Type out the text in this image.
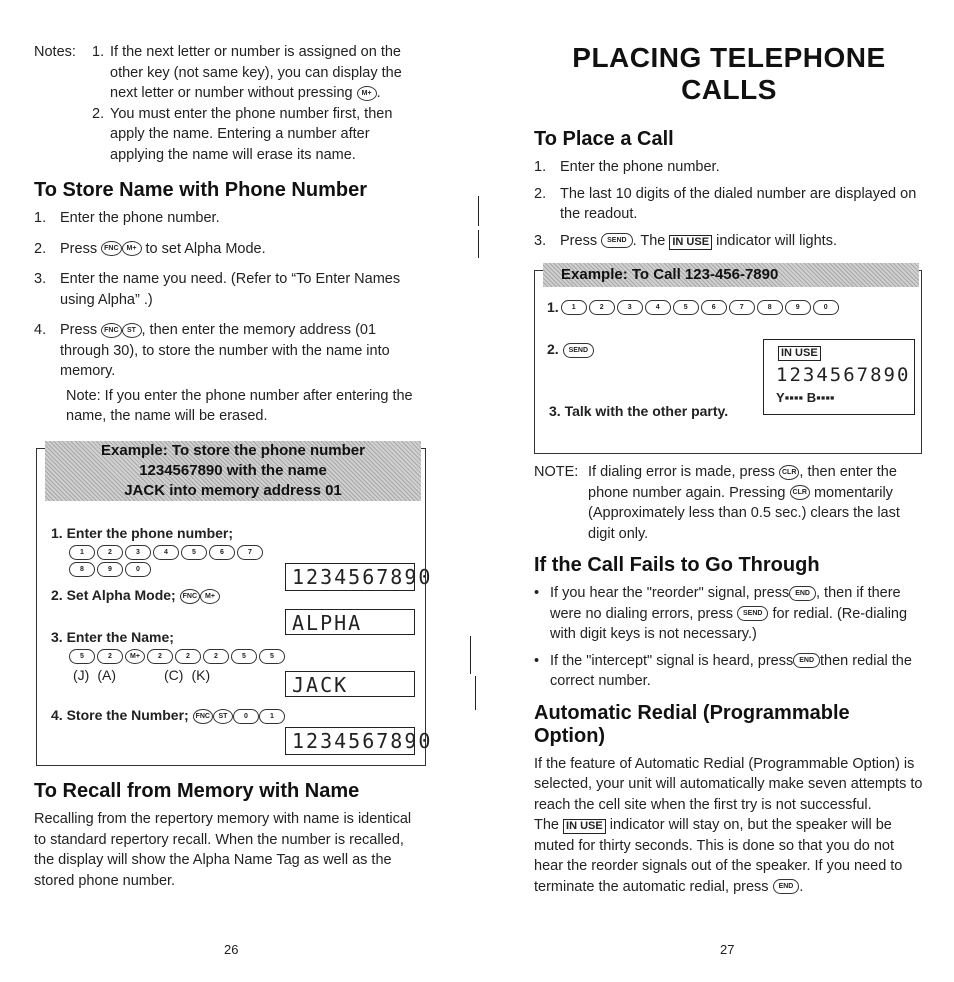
Notes:	1. If the next letter or number is assigned on the other key (not same key), you can display the next letter or number without pressing M+ .
2. You must enter the phone number first, then apply the name. Entering a number after applying the name will erase its name.
To Store Name with Phone Number
1. Enter the phone number.
2. Press FNC M+ to set Alpha Mode.
3. Enter the name you need. (Refer to “To Enter Names using Alpha” .)
4. Press FNC ST , then enter the memory address (01 through 30), to store the number with the name into memory.
Note: If you enter the phone number after entering the name, the name will be erased.
Example: To store the phone number
1234567890 with the name
JACK into memory address 01
1. Enter the phone number;
1	2	3	4	5	6	7
8	9	0	1234567890
2. Set Alpha Mode; FNC M+
ALPHA
3. Enter the Name;
5	2	M+	2	2	2	5	5
(J) (A)	(C) (K)	JACK
4. Store the Number; FNC ST 0	1
1234567890
To Recall from Memory with Name
Recalling from the repertory memory with name is identical to standard repertory recall. When the number is recalled, the display will show the Alpha Name Tag as well as the stored phone number.
26
PLACING TELEPHONE CALLS
To Place a Call
1. Enter the phone number.
2. The last 10 digits of the dialed number are displayed on the readout.
3. Press SEND . The IN USE indicator will lights.
Example: To Call 123-456-7890
1.	1	2	3	4	5	6	7	8	9	0
2. SEND
3. Talk with the other party.
IN USE
1234567890
Y▪▪▪▪ B▪▪▪▪
NOTE: If dialing error is made, press CLR , then enter the phone number again. Pressing CLR momentarily (Approximately less than 0.5 sec.) clears the last digit only.
If the Call Fails to Go Through
• If you hear the "reorder" signal, press END , then if there were no dialing errors, press SEND for redial. (Re-dialing with digit keys is not necessary.)
• If the "intercept" signal is heard, press END then redial the correct number.
Automatic Redial (Programmable Option)
If the feature of Automatic Redial (Programmable Option) is selected, your unit will automatically make seven attempts to reach the cell site when the first try is not successful.
The IN USE indicator will stay on, but the speaker will be muted for thirty seconds. This is done so that you do not hear the reorder signals out of the speaker. If you need to terminate the automatic redial, press END .
27
